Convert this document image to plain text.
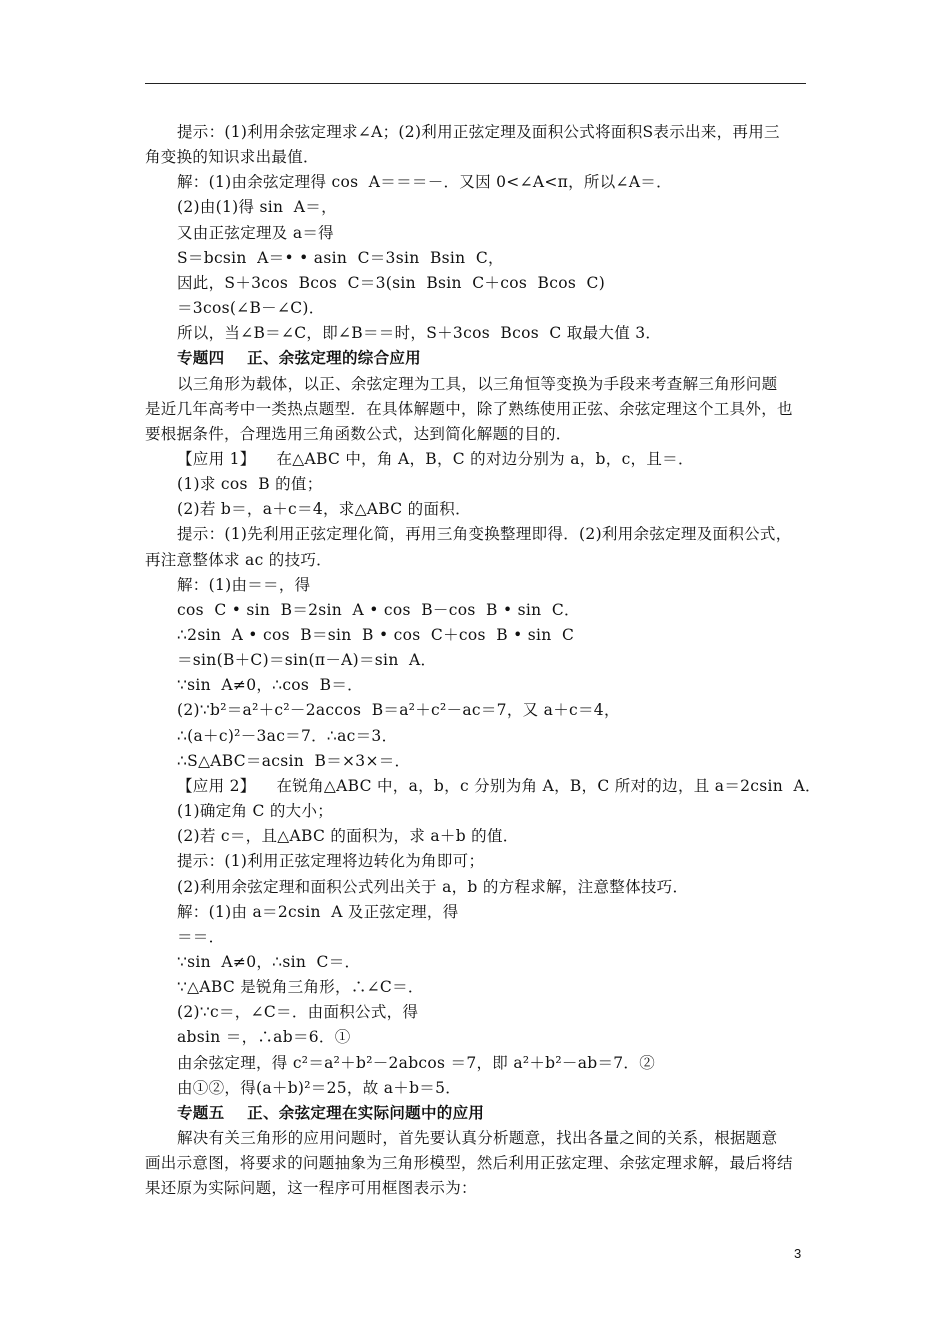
提示：(1)利用余弦定理求∠A；(2)利用正弦定理及面积公式将面积S表示出来，再用三
角变换的知识求出最值．
解：(1)由余弦定理得 cos  A＝＝＝－．又因 0<∠A<π，所以∠A＝．
(2)由(1)得 sin  A＝，
又由正弦定理及 a＝得
S＝bcsin  A＝• • asin  C＝3sin  Bsin  C，
因此，S＋3cos  Bcos  C＝3(sin  Bsin  C＋cos  Bcos  C)
＝3cos(∠B－∠C)．
所以，当∠B＝∠C，即∠B＝＝时，S＋3cos  Bcos  C 取最大值 3．
专题四    正、余弦定理的综合应用
以三角形为载体，以正、余弦定理为工具，以三角恒等变换为手段来考查解三角形问题
是近几年高考中一类热点题型．在具体解题中，除了熟练使用正弦、余弦定理这个工具外，也
要根据条件，合理选用三角函数公式，达到简化解题的目的．
【应用 1】    在△ABC 中，角 A，B，C 的对边分别为 a，b，c，且＝．
(1)求 cos  B 的值；
(2)若 b＝，a＋c＝4，求△ABC 的面积．
提示：(1)先利用正弦定理化简，再用三角变换整理即得．(2)利用余弦定理及面积公式，
再注意整体求 ac 的技巧．
解：(1)由＝＝，得
cos  C • sin  B＝2sin  A • cos  B－cos  B • sin  C．
∴2sin  A • cos  B＝sin  B • cos  C＋cos  B • sin  C
＝sin(B＋C)＝sin(π－A)＝sin  A．
∵sin  A≠0，∴cos  B＝．
(2)∵b²＝a²＋c²－2accos  B＝a²＋c²－ac＝7，又 a＋c＝4，
∴(a＋c)²－3ac＝7．∴ac＝3．
∴S△ABC＝acsin  B＝×3×＝．
【应用 2】    在锐角△ABC 中，a，b，c 分别为角 A，B，C 所对的边，且 a＝2csin  A．
(1)确定角 C 的大小；
(2)若 c＝，且△ABC 的面积为，求 a＋b 的值．
提示：(1)利用正弦定理将边转化为角即可；
(2)利用余弦定理和面积公式列出关于 a，b 的方程求解，注意整体技巧．
解：(1)由 a＝2csin  A 及正弦定理，得
＝＝．
∵sin  A≠0，∴sin  C＝．
∵△ABC 是锐角三角形，∴∠C＝．
(2)∵c＝，∠C＝．由面积公式，得
absin ＝，∴ab＝6．①
由余弦定理，得 c²＝a²＋b²－2abcos ＝7，即 a²＋b²－ab＝7．②
由①②，得(a＋b)²＝25，故 a＋b＝5．
专题五    正、余弦定理在实际问题中的应用
解决有关三角形的应用问题时，首先要认真分析题意，找出各量之间的关系，根据题意
画出示意图，将要求的问题抽象为三角形模型，然后利用正弦定理、余弦定理求解，最后将结
果还原为实际问题，这一程序可用框图表示为：
3
